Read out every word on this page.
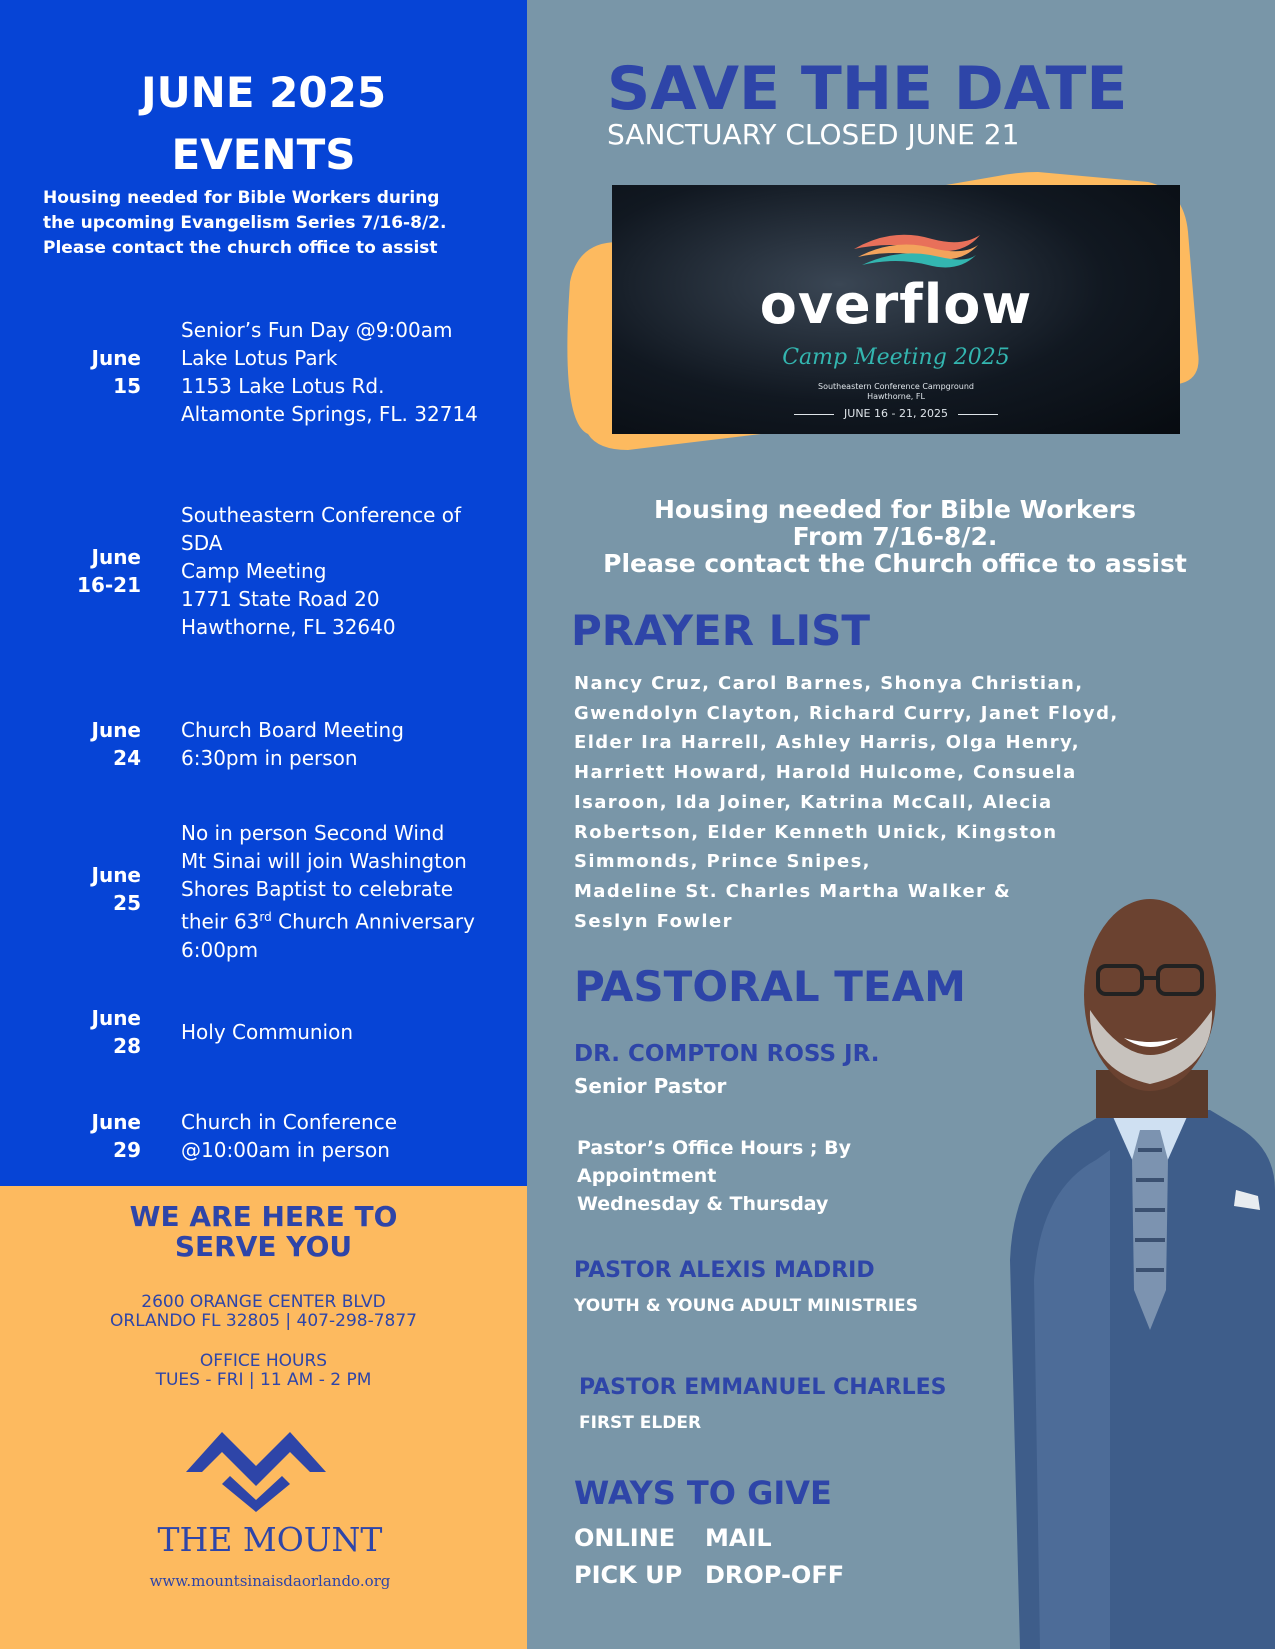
JUNE 2025
EVENTS
Housing needed for Bible Workers during
the upcoming Evangelism Series 7/16-8/2.
Please contact the church office to assist
June
15
Senior’s Fun Day @9:00am
Lake Lotus Park
1153 Lake Lotus Rd.
Altamonte Springs, FL. 32714
June
16-21
Southeastern Conference of
SDA
Camp Meeting
1771 State Road 20
Hawthorne, FL 32640
June
24
Church Board Meeting
6:30pm in person
June
25
No in person Second Wind
Mt Sinai will join Washington
Shores Baptist to celebrate
their 63rd Church Anniversary
6:00pm
June
28
Holy Communion
June
29
Church in Conference
@10:00am in person
WE ARE HERE TO
SERVE YOU
2600 ORANGE CENTER BLVD
ORLANDO FL 32805 | 407-298-7877
OFFICE HOURS
TUES - FRI | 11 AM - 2 PM
THE MOUNT
www.mountsinaisdaorlando.org
SAVE THE DATE
SANCTUARY CLOSED JUNE 21
overflow
Camp Meeting 2025
Southeastern Conference Campground
Hawthorne, FL
JUNE 16 - 21, 2025
Housing needed for Bible Workers
From 7/16-8/2.
Please contact the Church office to assist
PRAYER LIST
Nancy Cruz, Carol Barnes, Shonya Christian,
Gwendolyn Clayton, Richard Curry, Janet Floyd,
Elder Ira Harrell, Ashley Harris, Olga Henry,
Harriett Howard, Harold Hulcome, Consuela
Isaroon, Ida Joiner, Katrina McCall, Alecia
Robertson, Elder Kenneth Unick, Kingston
Simmonds, Prince Snipes,
Madeline St. Charles Martha Walker &
Seslyn Fowler
PASTORAL TEAM
DR. COMPTON ROSS JR.
Senior Pastor
Pastor’s Office Hours ; By
Appointment
Wednesday & Thursday
PASTOR ALEXIS MADRID
YOUTH & YOUNG ADULT MINISTRIES
PASTOR EMMANUEL CHARLES
FIRST ELDER
WAYS TO GIVE
ONLINE MAIL
PICK UP DROP-OFF
